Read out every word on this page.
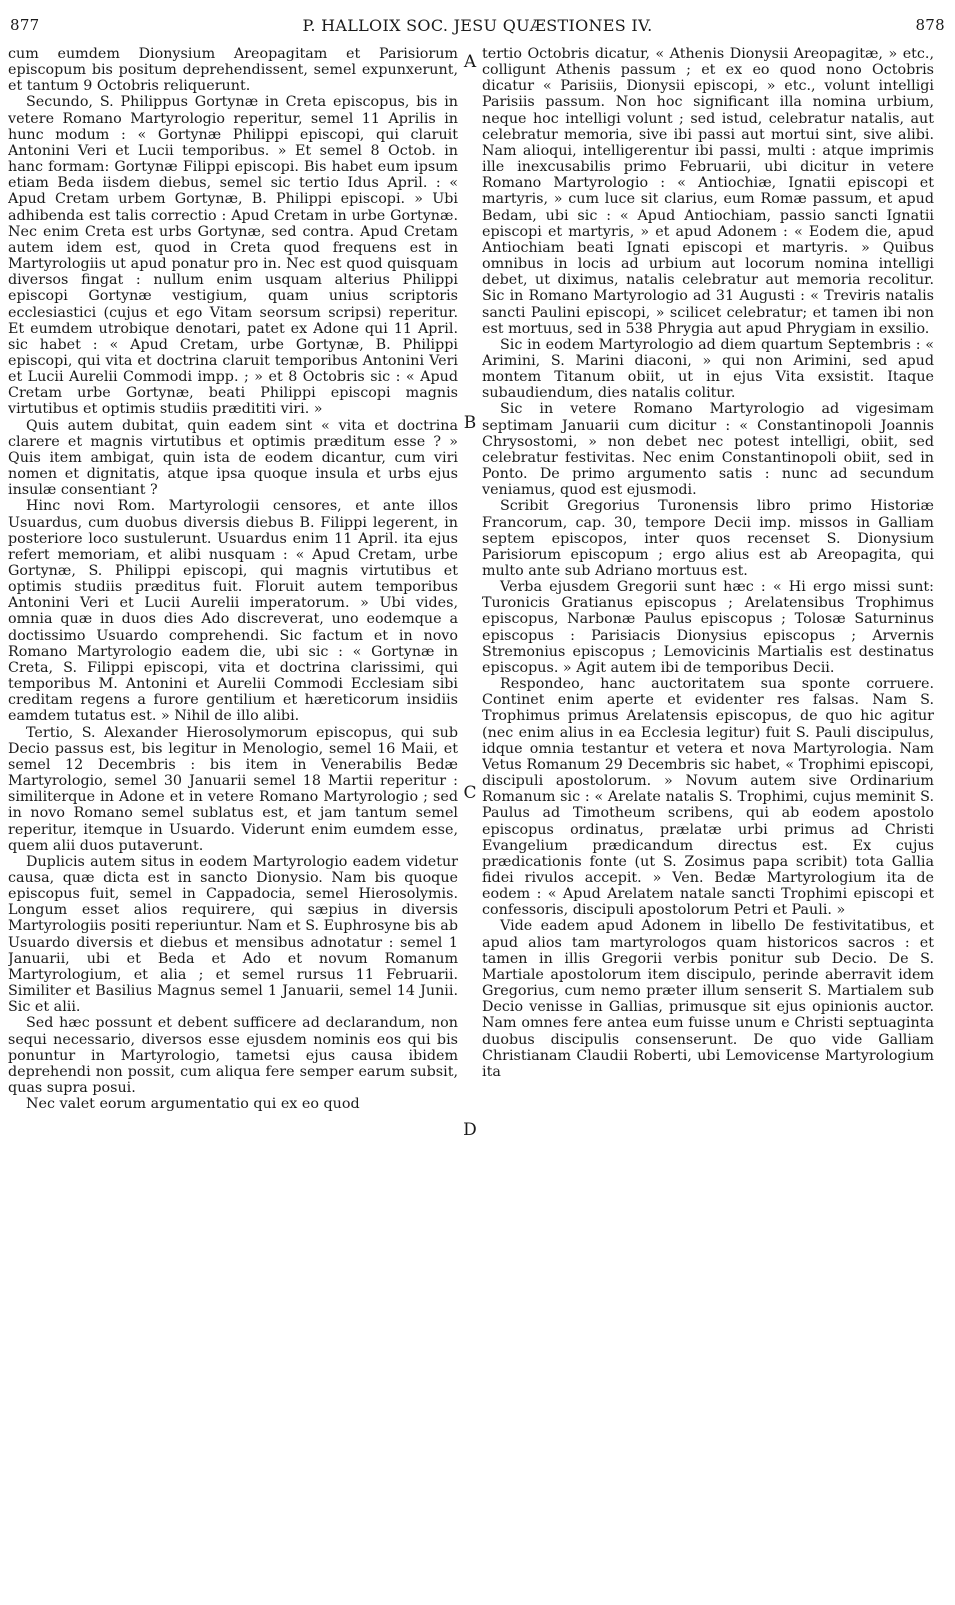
877	P. HALLOIX SOC. JESU QUÆSTIONES IV.	878

cum eumdem Dionysium Areopagitam et Parisiorum episcopum bis positum deprehendissent, semel expunxerunt, et tantum 9 Octobris reliquerunt.

Secundo, S. Philippus Gortynæ in Creta episcopus, bis in vetere Romano Martyrologio reperitur, semel 11 Aprilis in hunc modum : « Gortynæ Philippi episcopi, qui claruit Antonini Veri et Lucii temporibus. » Et semel 8 Octob. in hanc formam: Gortynæ Filippi episcopi. Bis habet eum ipsum etiam Beda iisdem diebus, semel sic tertio Idus April. : « Apud Cretam urbem Gortynæ, B. Philippi episcopi. » Ubi adhibenda est talis correctio : Apud Cretam in urbe Gortynæ. Nec enim Creta est urbs Gortynæ, sed contra. Apud Cretam autem idem est, quod in Creta quod frequens est in Martyrologiis ut apud ponatur pro in. Nec est quod quisquam diversos fingat : nullum enim usquam alterius Philippi episcopi Gortynæ vestigium, quam unius scriptoris ecclesiastici (cujus et ego Vitam seorsum scripsi) reperitur. Et eumdem utrobique denotari, patet ex Adone qui 11 April. sic habet : « Apud Cretam, urbe Gortynæ, B. Philippi episcopi, qui vita et doctrina claruit temporibus Antonini Veri et Lucii Aurelii Commodi impp. ; » et 8 Octobris sic : « Apud Cretam urbe Gortynæ, beati Philippi episcopi magnis virtutibus et optimis studiis prædititi viri. »

Quis autem dubitat, quin eadem sint « vita et doctrina clarere et magnis virtutibus et optimis præditum esse ? » Quis item ambigat, quin ista de eodem dicantur, cum viri nomen et dignitatis, atque ipsa quoque insula et urbs ejus insulæ consentiant ?

Hinc novi Rom. Martyrologii censores, et ante illos Usuardus, cum duobus diversis diebus B. Filippi legerent, in posteriore loco sustulerunt. Usuardus enim 11 April. ita ejus refert memoriam, et alibi nusquam : « Apud Cretam, urbe Gortynæ, S. Philippi episcopi, qui magnis virtutibus et optimis studiis præditus fuit. Floruit autem temporibus Antonini Veri et Lucii Aurelii imperatorum. » Ubi vides, omnia quæ in duos dies Ado discreverat, uno eodemque a doctissimo Usuardo comprehendi. Sic factum et in novo Romano Martyrologio eadem die, ubi sic : « Gortynæ in Creta, S. Filippi episcopi, vita et doctrina clarissimi, qui temporibus M. Antonini et Aurelii Commodi Ecclesiam sibi creditam regens a furore gentilium et hæreticorum insidiis eamdem tutatus est. » Nihil de illo alibi.

Tertio, S. Alexander Hierosolymorum episcopus, qui sub Decio passus est, bis legitur in Menologio, semel 16 Maii, et semel 12 Decembris : bis item in Venerabilis Bedæ Martyrologio, semel 30 Januarii semel 18 Martii reperitur : similiterque in Adone et in vetere Romano Martyrologio ; sed in novo Romano semel sublatus est, et jam tantum semel reperitur, itemque in Usuardo. Viderunt enim eumdem esse, quem alii duos putaverunt.

Duplicis autem situs in eodem Martyrologio eadem videtur causa, quæ dicta est in sancto Dionysio. Nam bis quoque episcopus fuit, semel in Cappadocia, semel Hierosolymis. Longum esset alios requirere, qui sæpius in diversis Martyrologiis positi reperiuntur. Nam et S. Euphrosyne bis ab Usuardo diversis et diebus et mensibus adnotatur : semel 1 Januarii, ubi et Beda et Ado et novum Romanum Martyrologium, et alia ; et semel rursus 11 Februarii. Similiter et Basilius Magnus semel 1 Januarii, semel 14 Junii. Sic et alii.

Sed hæc possunt et debent sufficere ad declarandum, non sequi necessario, diversos esse ejusdem nominis eos qui bis ponuntur in Martyrologio, tametsi ejus causa ibidem deprehendi non possit, cum aliqua fere semper earum subsit, quas supra posui.

Nec valet eorum argumentatio qui ex eo quod

A
B
C
D

tertio Octobris dicatur, « Athenis Dionysii Areopagitæ, » etc., colligunt Athenis passum ; et ex eo quod nono Octobris dicatur « Parisiis, Dionysii episcopi, » etc., volunt intelligi Parisiis passum. Non hoc significant illa nomina urbium, neque hoc intelligi volunt ; sed istud, celebratur natalis, aut celebratur memoria, sive ibi passi aut mortui sint, sive alibi. Nam alioqui, intelligerentur ibi passi, multi : atque imprimis ille inexcusabilis primo Februarii, ubi dicitur in vetere Romano Martyrologio : « Antiochiæ, Ignatii episcopi et martyris, » cum luce sit clarius, eum Romæ passum, et apud Bedam, ubi sic : « Apud Antiochiam, passio sancti Ignatii episcopi et martyris, » et apud Adonem : « Eodem die, apud Antiochiam beati Ignati episcopi et martyris. » Quibus omnibus in locis ad urbium aut locorum nomina intelligi debet, ut diximus, natalis celebratur aut memoria recolitur. Sic in Romano Martyrologio ad 31 Augusti : « Treviris natalis sancti Paulini episcopi, » scilicet celebratur; et tamen ibi non est mortuus, sed in 538 Phrygia aut apud Phrygiam in exsilio.

Sic in eodem Martyrologio ad diem quartum Septembris : « Arimini, S. Marini diaconi, » qui non Arimini, sed apud montem Titanum obiit, ut in ejus Vita exsistit. Itaque subaudiendum, dies natalis colitur.

Sic in vetere Romano Martyrologio ad vigesimam septimam Januarii cum dicitur : « Constantinopoli Joannis Chrysostomi, » non debet nec potest intelligi, obiit, sed celebratur festivitas. Nec enim Constantinopoli obiit, sed in Ponto. De primo argumento satis : nunc ad secundum veniamus, quod est ejusmodi.

Scribit Gregorius Turonensis libro primo Historiæ Francorum, cap. 30, tempore Decii imp. missos in Galliam septem episcopos, inter quos recenset S. Dionysium Parisiorum episcopum ; ergo alius est ab Areopagita, qui multo ante sub Adriano mortuus est.

Verba ejusdem Gregorii sunt hæc : « Hi ergo missi sunt: Turonicis Gratianus episcopus ; Arelatensibus Trophimus episcopus, Narbonæ Paulus episcopus ; Tolosæ Saturninus episcopus : Parisiacis Dionysius episcopus ; Arvernis Stremonius episcopus ; Lemovicinis Martialis est destinatus episcopus. » Agit autem ibi de temporibus Decii.

Respondeo, hanc auctoritatem sua sponte corruere. Continet enim aperte et evidenter res falsas. Nam S. Trophimus primus Arelatensis episcopus, de quo hic agitur (nec enim alius in ea Ecclesia legitur) fuit S. Pauli discipulus, idque omnia testantur et vetera et nova Martyrologia. Nam Vetus Romanum 29 Decembris sic habet, « Trophimi episcopi, discipuli apostolorum. » Novum autem sive Ordinarium Romanum sic : « Arelate natalis S. Trophimi, cujus meminit S. Paulus ad Timotheum scribens, qui ab eodem apostolo episcopus ordinatus, prælatæ urbi primus ad Christi Evangelium prædicandum directus est. Ex cujus prædicationis fonte (ut S. Zosimus papa scribit) tota Gallia fidei rivulos accepit. » Ven. Bedæ Martyrologium ita de eodem : « Apud Arelatem natale sancti Trophimi episcopi et confessoris, discipuli apostolorum Petri et Pauli. »

Vide eadem apud Adonem in libello De festivitatibus, et apud alios tam martyrologos quam historicos sacros : et tamen in illis Gregorii verbis ponitur sub Decio. De S. Martiale apostolorum item discipulo, perinde aberravit idem Gregorius, cum nemo præter illum senserit S. Martialem sub Decio venisse in Gallias, primusque sit ejus opinionis auctor. Nam omnes fere antea eum fuisse unum e Christi septuaginta duobus discipulis consenserunt. De quo vide Galliam Christianam Claudii Roberti, ubi Lemovicense Martyrologium ita
